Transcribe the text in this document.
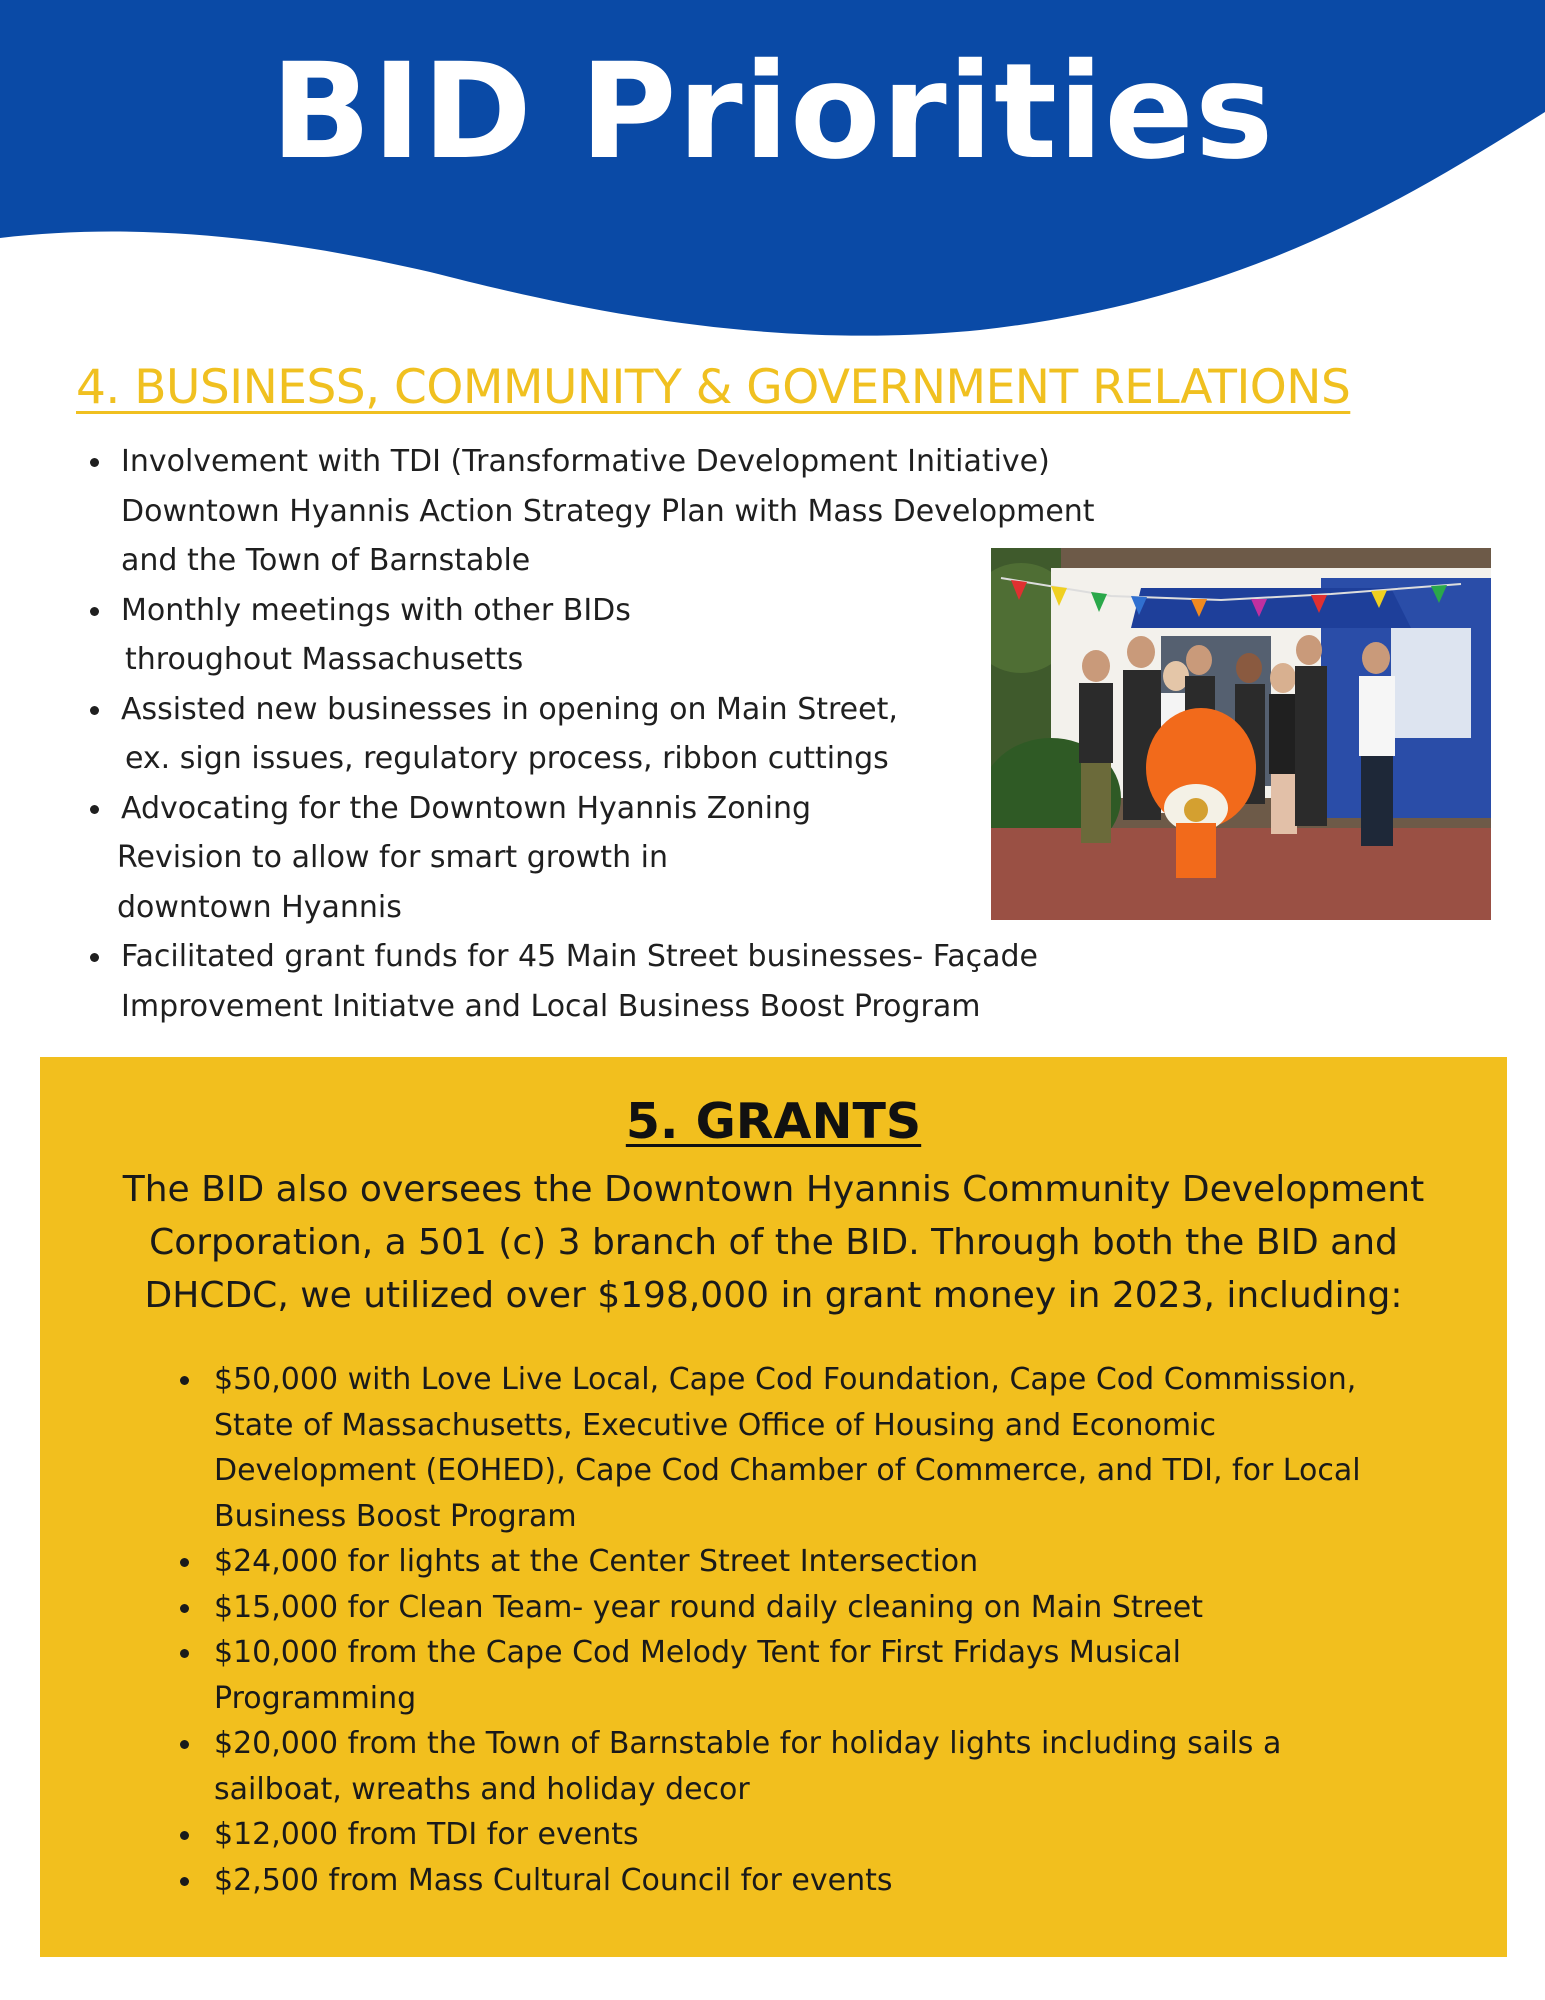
BID Priorities
4. BUSINESS, COMMUNITY & GOVERNMENT RELATIONS
Involvement with TDI (Transformative Development Initiative)
Downtown Hyannis Action Strategy Plan with Mass Development
and the Town of Barnstable
Monthly meetings with other BIDs
throughout Massachusetts
Assisted new businesses in opening on Main Street,
ex. sign issues, regulatory process, ribbon cuttings
Advocating for the Downtown Hyannis Zoning
Revision to allow for smart growth in
downtown Hyannis
Facilitated grant funds for 45 Main Street businesses- Façade
Improvement Initiatve and Local Business Boost Program
5. GRANTS

The BID also oversees the Downtown Hyannis Community Development
Corporation, a 501 (c) 3 branch of the BID. Through both the BID and
DHCDC, we utilized over $198,000 in grant money in 2023, including:

$50,000 with Love Live Local, Cape Cod Foundation, Cape Cod Commission,
State of Massachusetts, Executive Office of Housing and Economic
Development (EOHED), Cape Cod Chamber of Commerce, and TDI, for Local
Business Boost Program
$24,000 for lights at the Center Street Intersection
$15,000 for Clean Team- year round daily cleaning on Main Street
$10,000 from the Cape Cod Melody Tent for First Fridays Musical
Programming
$20,000 from the Town of Barnstable for holiday lights including sails a
sailboat, wreaths and holiday decor
$12,000 from TDI for events
$2,500 from Mass Cultural Council for events
